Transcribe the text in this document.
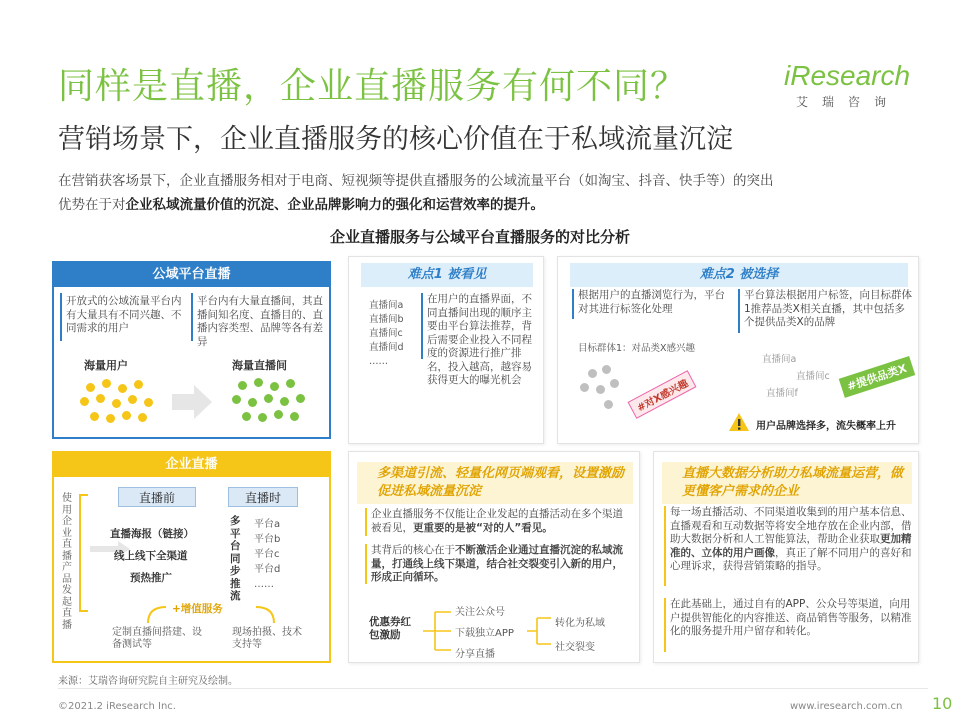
同样是直播，企业直播服务有何不同？	iResearch
艾瑞咨询
营销场景下，企业直播服务的核心价值在于私域流量沉淀
在营销获客场景下，企业直播服务相对于电商、短视频等提供直播服务的公域流量平台（如淘宝、抖音、快手等）的突出
优势在于对企业私域流量价值的沉淀、企业品牌影响力的强化和运营效率的提升。
企业直播服务与公域平台直播服务的对比分析
公域平台直播
开放式的公域流量平台内有大量具有不同兴趣、不同需求的用户
平台内有大量直播间，其直播间知名度、直播目的、直播内容类型、品牌等各有差异
海量用户	海量直播间
难点1 被看见
直播间a
直播间b
直播间c
直播间d
……
在用户的直播界面，不同直播间出现的顺序主要由平台算法推荐，背后需要企业投入不同程度的资源进行推广排名，投入越高，越容易获得更大的曝光机会
难点2 被选择
根据用户的直播浏览行为，平台对其进行标签化处理
平台算法根据用户标签，向目标群体1推荐品类X相关直播，其中包括多个提供品类X的品牌
目标群体1：对品类X感兴趣
#对X感兴趣
直播间a
直播间c
直播间f
#提供品类X
用户品牌选择多，流失概率上升
企业直播
使用企业直播产品发起直播
直播前	直播时
直播海报（链接）
线上线下全渠道
预热推广
多平台同步推流
平台a
平台b
平台c
平台d
……
+增值服务
定制直播间搭建、设备测试等
现场拍摄、技术支持等
多渠道引流、轻量化网页端观看，设置激励促进私域流量沉淀
企业直播服务不仅能让企业发起的直播活动在多个渠道被看见，更重要的是被“对的人”看见。
其背后的核心在于不断激活企业通过直播沉淀的私域流量，打通线上线下渠道，结合社交裂变引入新的用户，形成正向循环。
优惠券红包激励
关注公众号
下载独立APP
分享直播
转化为私域
社交裂变
直播大数据分析助力私域流量运营，做更懂客户需求的企业
每一场直播活动、不同渠道收集到的用户基本信息、直播观看和互动数据等将安全地存放在企业内部，借助大数据分析和人工智能算法，帮助企业获取更加精准的、立体的用户画像，真正了解不同用户的喜好和心理诉求，获得营销策略的指导。
在此基础上，通过自有的APP、公众号等渠道，向用户提供智能化的内容推送、商品销售等服务，以精准化的服务提升用户留存和转化。
来源：艾瑞咨询研究院自主研究及绘制。
©2021.2 iResearch Inc.	www.iresearch.com.cn 10
